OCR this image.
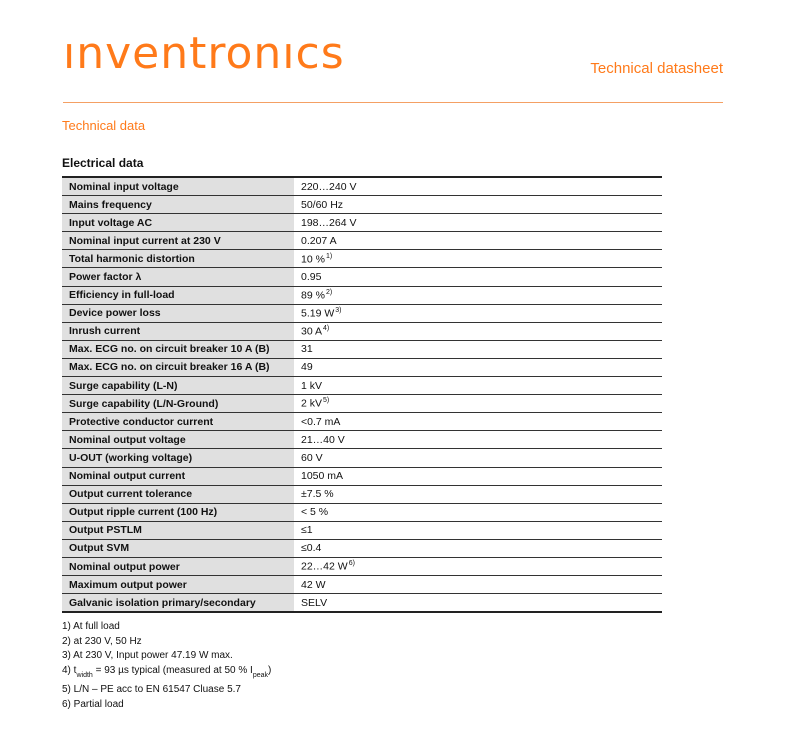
ınventronıcs	Technical datasheet
Technical data
Electrical data
Nominal input voltage	220…240 V
Mains frequency	50/60 Hz
Input voltage AC	198…264 V
Nominal input current at 230 V	0.207 A
Total harmonic distortion	10 %$^{1)}$
Power factor λ	0.95
Efficiency in full-load	89 %$^{2)}$
Device power loss	5.19 $W^{3)}$
Inrush current	30 $A^{4)}$
Max. ECG no. on circuit breaker 10 A (B)	31
Max. ECG no. on circuit breaker 16 A (B)	49
Surge capability (L-N)	1 kV
Surge capability (L/N-Ground)	2 $kV^{5)}$
Protective conductor current	<0.7 mA
Nominal output voltage	21…40 V
U-OUT (working voltage)	60 V
Nominal output current	1050 mA
Output current tolerance	±7.5 %
Output ripple current (100 Hz)	< 5 %
Output PSTLM	≤1
Output SVM	≤0.4
Nominal output power	22…42 $W^{6)}$
Maximum output power	42 W
Galvanic isolation primary/secondary	SELV
1) At full load
2) at 230 V, 50 Hz
3) At 230 V, Input power 47.19 W max.
4) $t_{width} = 93$ µs typical (measured at 50 % $I_{peak}$)
5) L/N – PE acc to EN 61547 Cluase 5.7
6) Partial load
